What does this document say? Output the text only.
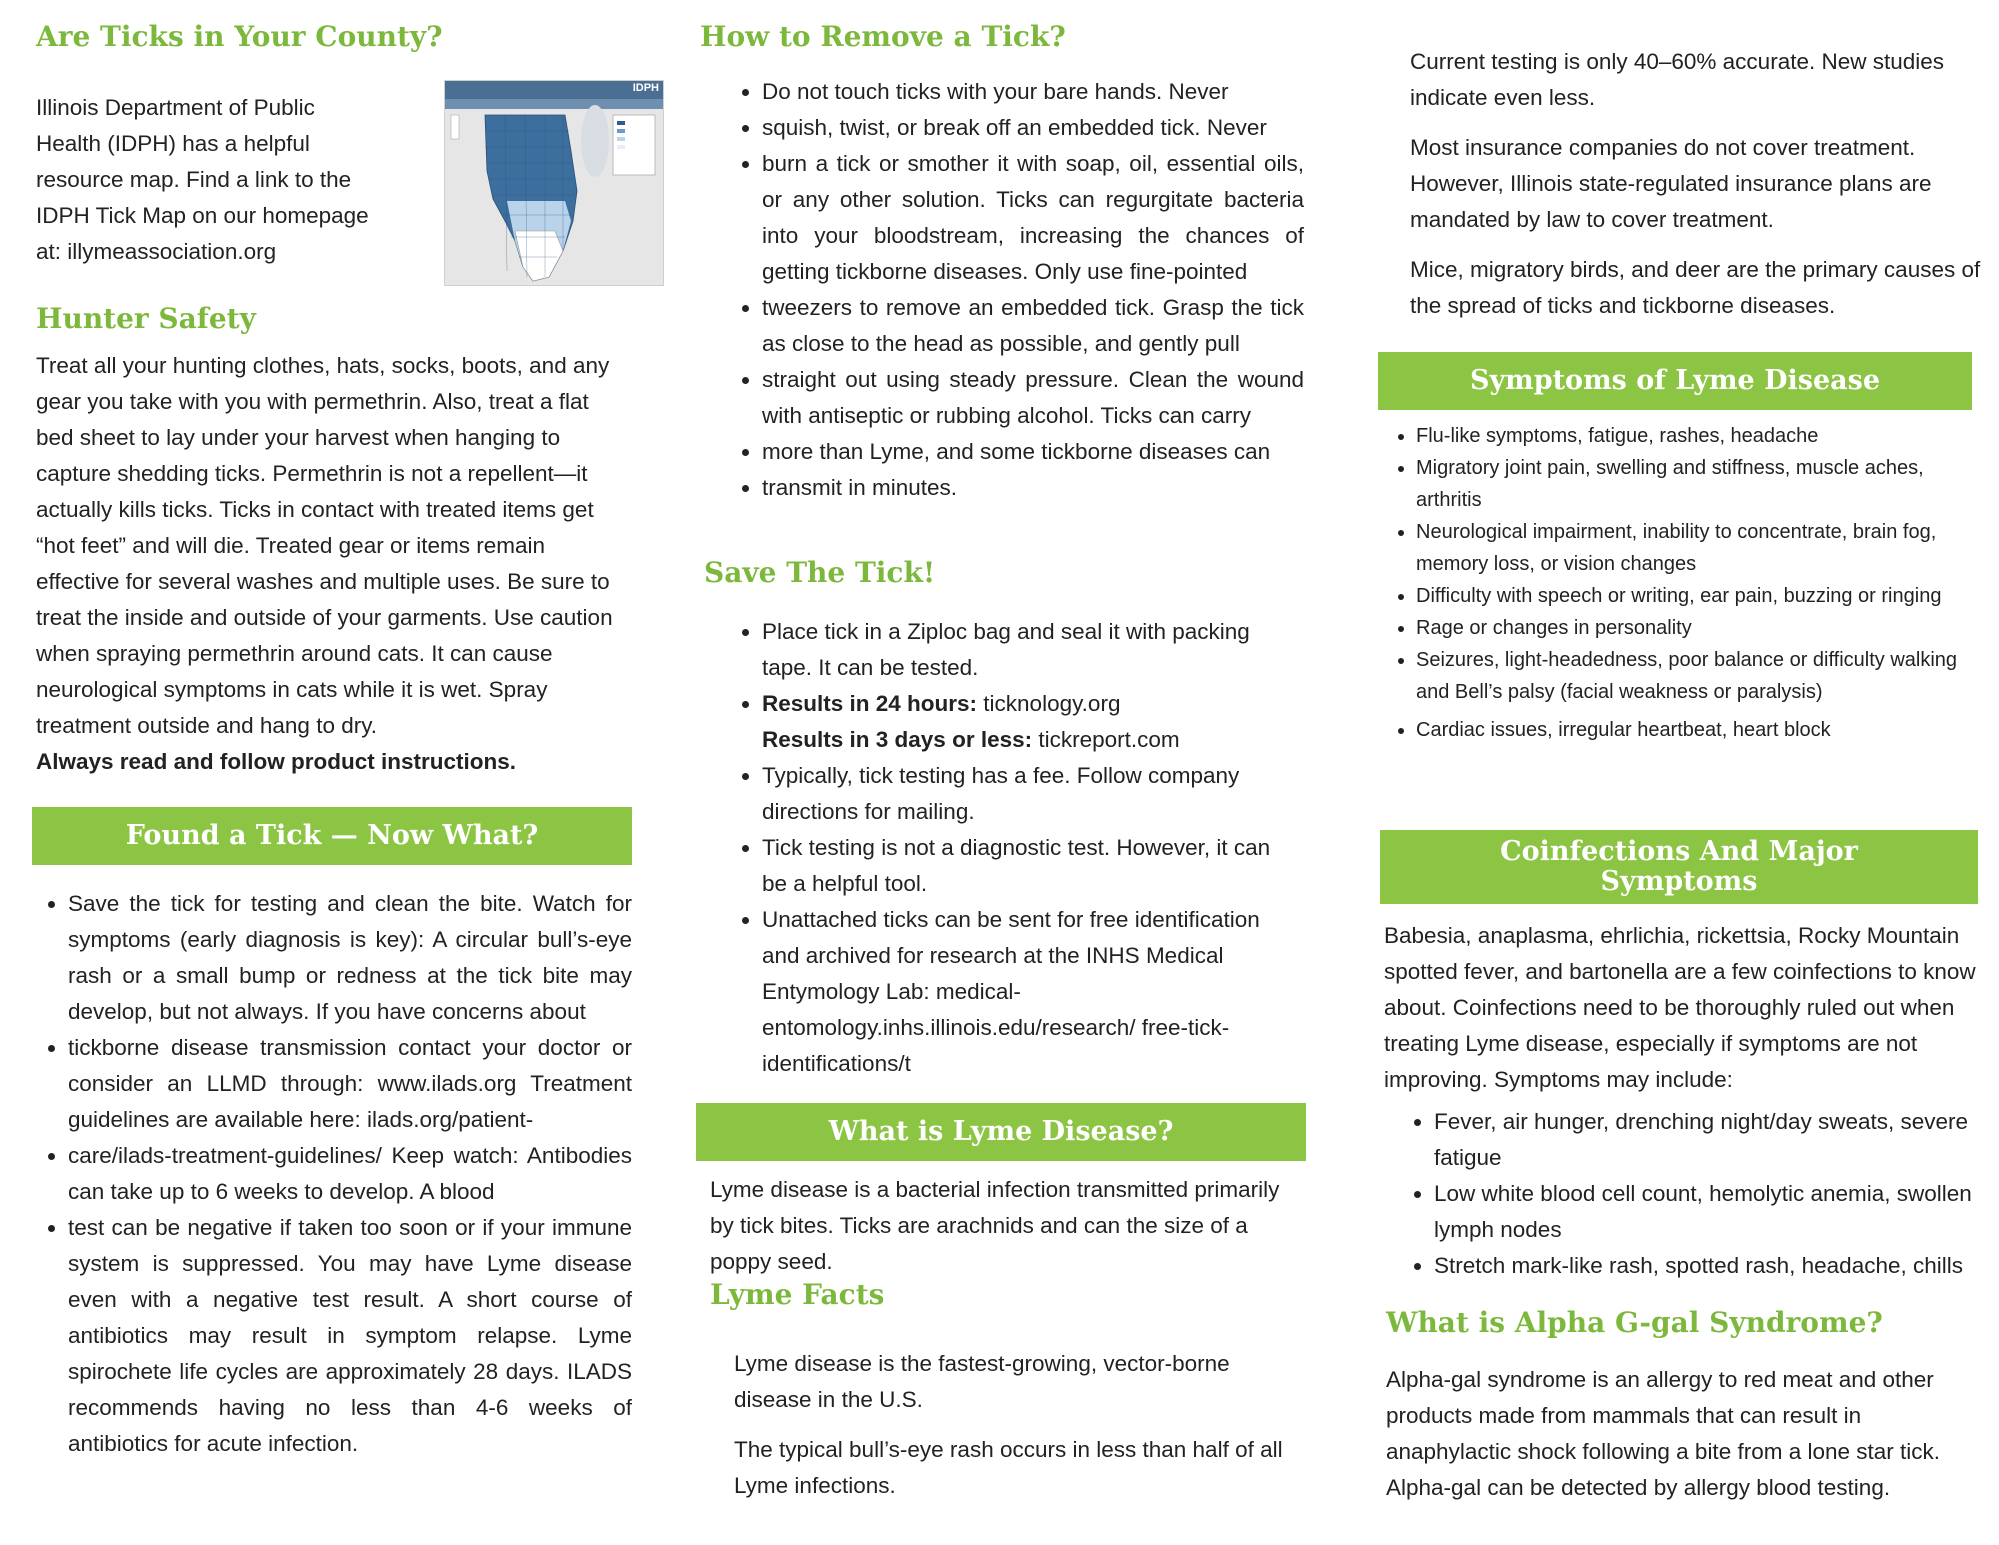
Are Ticks in Your County?
Illinois Department of Public
Health (IDPH) has a helpful
resource map. Find a link to the
IDPH Tick Map on our homepage
at: illymeassociation.org
IDPH
Hunter Safety
Treat all your hunting clothes, hats, socks, boots, and any
gear you take with you with permethrin. Also, treat a flat
bed sheet to lay under your harvest when hanging to
capture shedding ticks. Permethrin is not a repellent—it
actually kills ticks. Ticks in contact with treated items get
“hot feet” and will die. Treated gear or items remain
effective for several washes and multiple uses. Be sure to
treat the inside and outside of your garments. Use caution
when spraying permethrin around cats. It can cause
neurological symptoms in cats while it is wet. Spray
treatment outside and hang to dry.
Always read and follow product instructions.
Found a Tick — Now What?
• Save the tick for testing and clean the bite. Watch for symptoms (early diagnosis is key): A circular bull’s-eye rash or a small bump or redness at the tick bite may develop, but not always. If you have concerns about
• tickborne disease transmission contact your doctor or consider an LLMD through: www.ilads.org Treatment guidelines are available here: ilads.org/patient-
• care/ilads-treatment-guidelines/ Keep watch: Antibodies can take up to 6 weeks to develop. A blood
• test can be negative if taken too soon or if your immune system is suppressed. You may have Lyme disease even with a negative test result. A short course of antibiotics may result in symptom relapse. Lyme spirochete life cycles are approximately 28 days. ILADS recommends having no less than 4-6 weeks of antibiotics for acute infection.
How to Remove a Tick?
• Do not touch ticks with your bare hands. Never
• squish, twist, or break off an embedded tick. Never
• burn a tick or smother it with soap, oil, essential oils, or any other solution. Ticks can regurgitate bacteria into your bloodstream, increasing the chances of getting tickborne diseases. Only use fine-pointed
• tweezers to remove an embedded tick. Grasp the tick as close to the head as possible, and gently pull
• straight out using steady pressure. Clean the wound with antiseptic or rubbing alcohol. Ticks can carry
• more than Lyme, and some tickborne diseases can
• transmit in minutes.
Save The Tick!
• Place tick in a Ziploc bag and seal it with packing tape. It can be tested.
• Results in 24 hours: ticknology.org
Results in 3 days or less: tickreport.com
• Typically, tick testing has a fee. Follow company directions for mailing.
• Tick testing is not a diagnostic test. However, it can be a helpful tool.
• Unattached ticks can be sent for free identification and archived for research at the INHS Medical Entymology Lab: medical-entomology.inhs.illinois.edu/research/ free-tick-identifications/t
What is Lyme Disease?

Lyme disease is a bacterial infection transmitted primarily by tick bites. Ticks are arachnids and can the size of a poppy seed.

Lyme Facts

Lyme disease is the fastest-growing, vector-borne disease in the U.S.

The typical bull’s-eye rash occurs in less than half of all Lyme infections.

Current testing is only 40–60% accurate. New studies indicate even less.

Most insurance companies do not cover treatment. However, Illinois state-regulated insurance plans are mandated by law to cover treatment.

Mice, migratory birds, and deer are the primary causes of the spread of ticks and tickborne diseases.

Symptoms of Lyme Disease
• Flu-like symptoms, fatigue, rashes, headache
• Migratory joint pain, swelling and stiffness, muscle aches, arthritis
• Neurological impairment, inability to concentrate, brain fog, memory loss, or vision changes
• Difficulty with speech or writing, ear pain, buzzing or ringing
• Rage or changes in personality
• Seizures, light-headedness, poor balance or difficulty walking and Bell’s palsy (facial weakness or paralysis)
• Cardiac issues, irregular heartbeat, heart block
Coinfections And Major
Symptoms

Babesia, anaplasma, ehrlichia, rickettsia, Rocky Mountain spotted fever, and bartonella are a few coinfections to know about. Coinfections need to be thoroughly ruled out when treating Lyme disease, especially if symptoms are not improving. Symptoms may include:

• Fever, air hunger, drenching night/day sweats, severe fatigue
• Low white blood cell count, hemolytic anemia, swollen lymph nodes
• Stretch mark-like rash, spotted rash, headache, chills
What is Alpha G-gal Syndrome?

Alpha-gal syndrome is an allergy to red meat and other products made from mammals that can result in anaphylactic shock following a bite from a lone star tick. Alpha-gal can be detected by allergy blood testing.
